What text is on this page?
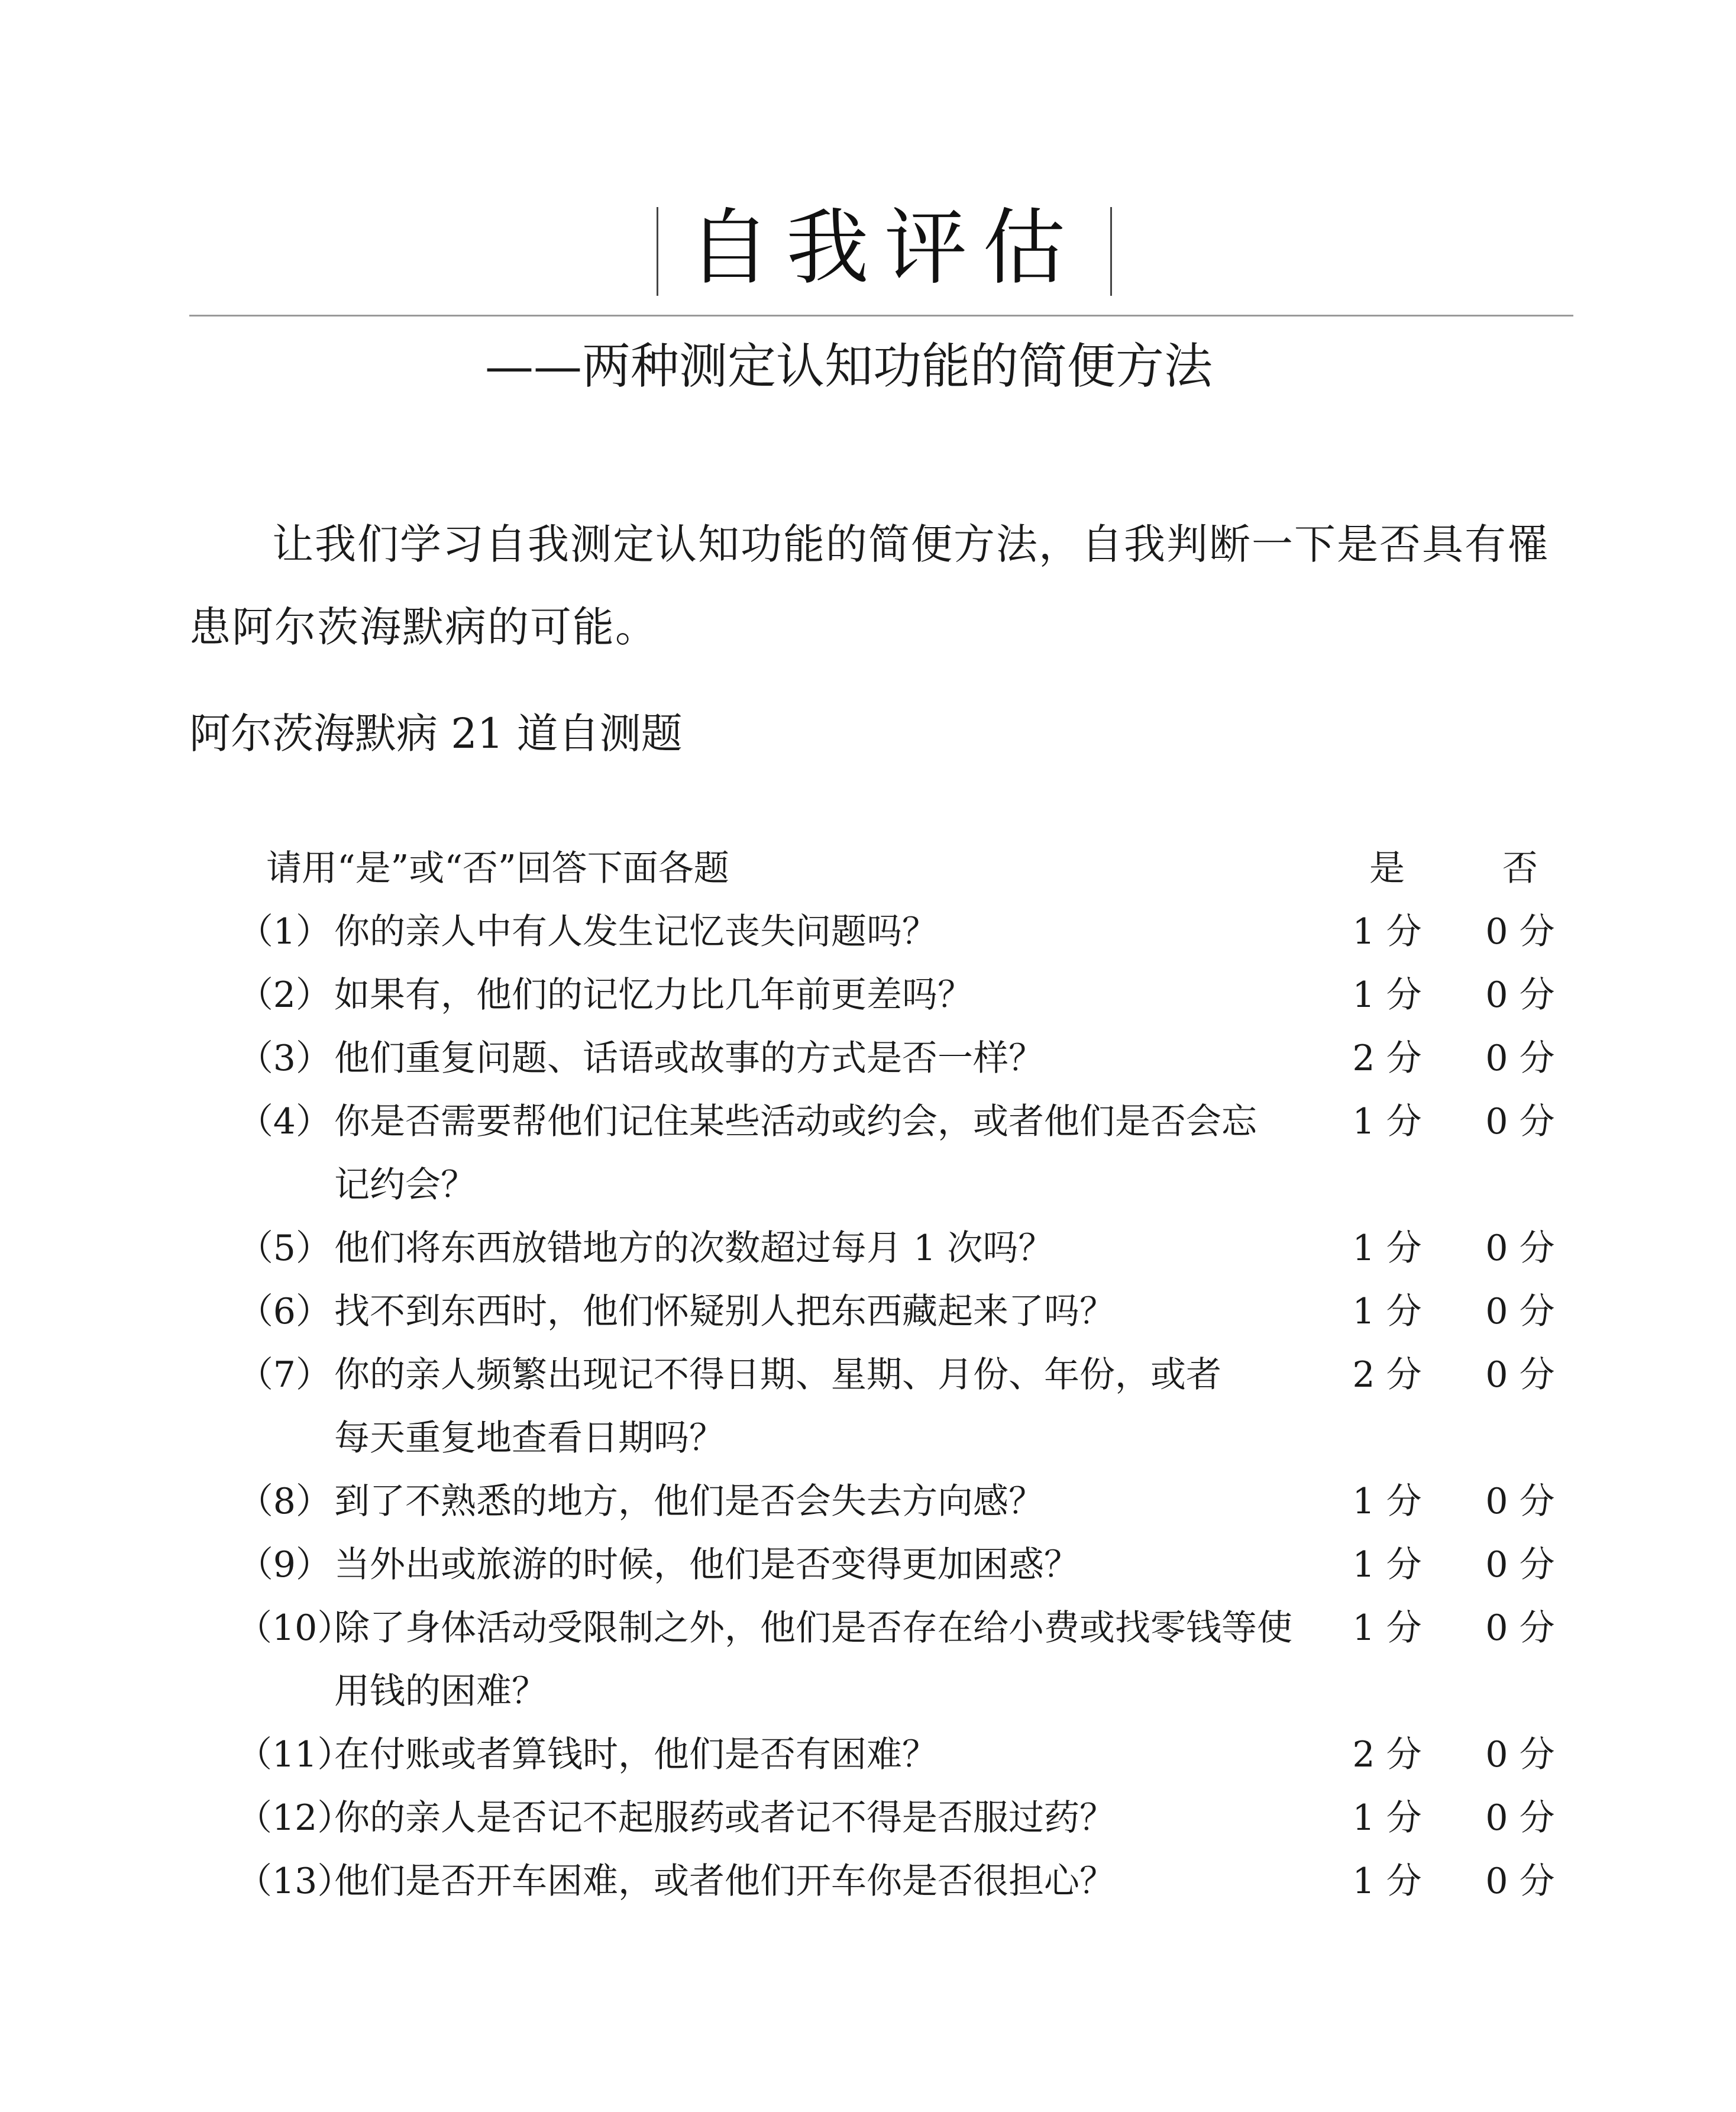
自我评估
——两种测定认知功能的简便方法
让我们学习自我测定认知功能的简便方法，自我判断一下是否具有罹患阿尔茨海默病的可能。
阿尔茨海默病 21 道自测题
请用“是”或“否”回答下面各题	是	否
（1） 你的亲人中有人发生记忆丧失问题吗？	1 分 0 分
（2） 如果有，他们的记忆力比几年前更差吗？	1 分 0 分
（3） 他们重复问题、话语或故事的方式是否一样？	2 分 0 分
（4） 你是否需要帮他们记住某些活动或约会，或者他们是否会忘记约会？
1 分 0 分
（5） 他们将东西放错地方的次数超过每月 1 次吗？	1 分 0 分
（6） 找不到东西时，他们怀疑别人把东西藏起来了吗？	1 分 0 分
（7） 你的亲人频繁出现记不得日期、星期、月份、年份，或者每天重复地查看日期吗？
2 分 0 分
（8） 到了不熟悉的地方，他们是否会失去方向感？	1 分 0 分
（9） 当外出或旅游的时候，他们是否变得更加困惑？	1 分 0 分
（10）
除了身体活动受限制之外，他们是否存在给小费或找零钱等使用钱的困难？
1 分 0 分
（11）
在付账或者算钱时，他们是否有困难？	2 分 0 分
（12）
你的亲人是否记不起服药或者记不得是否服过药？	1 分 0 分
（13）
他们是否开车困难，或者他们开车你是否很担心？	1 分 0 分
